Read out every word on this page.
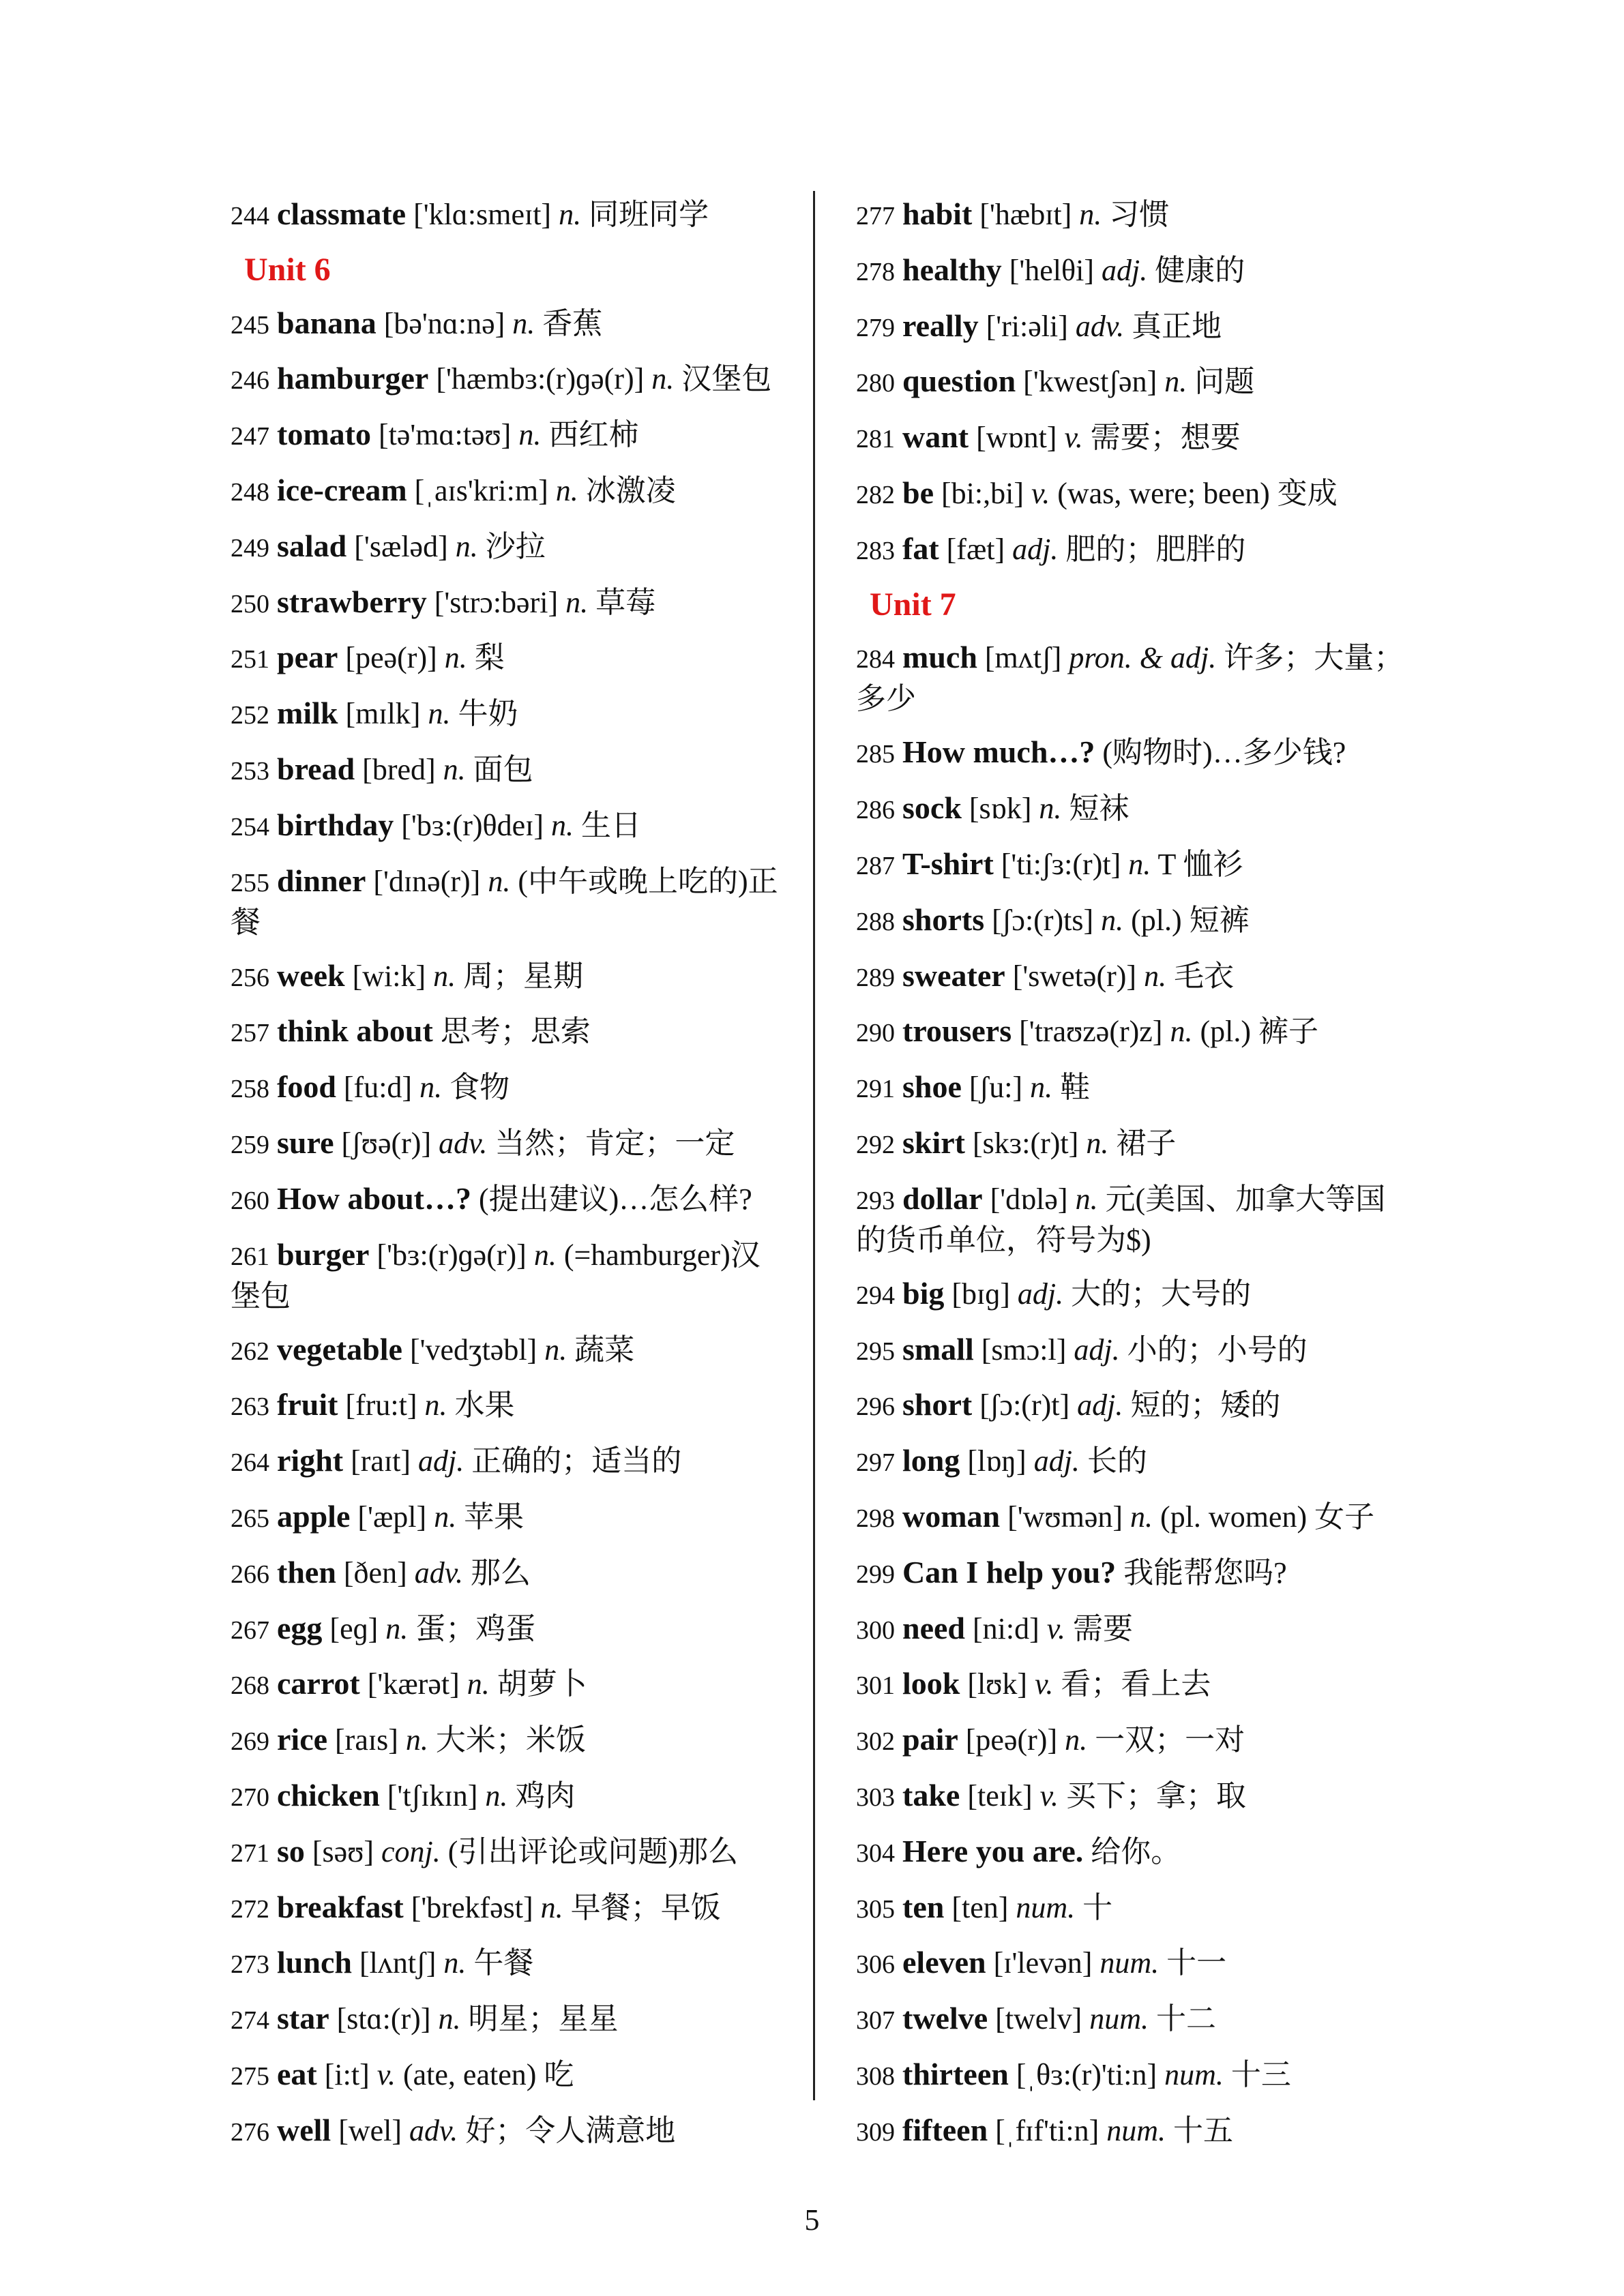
244 classmate ['klɑ:smeɪt] n. 同班同学
Unit 6
245 banana [bə'nɑ:nə] n. 香蕉
246 hamburger ['hæmbɜ:(r)ɡə(r)] n. 汉堡包
247 tomato [tə'mɑ:təʊ] n. 西红柿
248 ice-cream [ˌaɪs'kri:m] n. 冰激凌
249 salad ['sæləd] n. 沙拉
250 strawberry ['strɔ:bəri] n. 草莓
251 pear [peə(r)] n. 梨
252 milk [mɪlk] n. 牛奶
253 bread [bred] n. 面包
254 birthday ['bɜ:(r)θdeɪ] n. 生日
255 dinner ['dɪnə(r)] n. (中午或晚上吃的)正餐
256 week [wi:k] n. 周；星期
257 think about 思考；思索
258 food [fu:d] n. 食物
259 sure [ʃʊə(r)] adv. 当然；肯定；一定
260 How about…? (提出建议)…怎么样?
261 burger ['bɜ:(r)ɡə(r)] n. (=hamburger)汉堡包
262 vegetable ['vedʒtəbl] n. 蔬菜
263 fruit [fru:t] n. 水果
264 right [raɪt] adj. 正确的；适当的
265 apple ['æpl] n. 苹果
266 then [ðen] adv. 那么
267 egg [eɡ] n. 蛋；鸡蛋
268 carrot ['kærət] n. 胡萝卜
269 rice [raɪs] n. 大米；米饭
270 chicken ['tʃɪkɪn] n. 鸡肉
271 so [səʊ] conj. (引出评论或问题)那么
272 breakfast ['brekfəst] n. 早餐；早饭
273 lunch [lʌntʃ] n. 午餐
274 star [stɑ:(r)] n. 明星；星星
275 eat [i:t] v. (ate, eaten) 吃
276 well [wel] adv. 好；令人满意地
277 habit ['hæbɪt] n. 习惯
278 healthy ['helθi] adj. 健康的
279 really ['ri:əli] adv. 真正地
280 question ['kwestʃən] n. 问题
281 want [wɒnt] v. 需要；想要
282 be [bi:,bi] v. (was, were; been) 变成
283 fat [fæt] adj. 肥的；肥胖的
Unit 7
284 much [mʌtʃ] pron. & adj. 许多；大量；多少
285 How much…? (购物时)…多少钱?
286 sock [sɒk] n. 短袜
287 T-shirt ['ti:ʃɜ:(r)t] n. T 恤衫
288 shorts [ʃɔ:(r)ts] n. (pl.) 短裤
289 sweater ['swetə(r)] n. 毛衣
290 trousers ['traʊzə(r)z] n. (pl.) 裤子
291 shoe [ʃu:] n. 鞋
292 skirt [skɜ:(r)t] n. 裙子
293 dollar ['dɒlə] n. 元(美国、加拿大等国的货币单位，符号为$)
294 big [bɪɡ] adj. 大的；大号的
295 small [smɔ:l] adj. 小的；小号的
296 short [ʃɔ:(r)t] adj. 短的；矮的
297 long [lɒŋ] adj. 长的
298 woman ['wʊmən] n. (pl. women) 女子
299 Can I help you? 我能帮您吗?
300 need [ni:d] v. 需要
301 look [lʊk] v. 看；看上去
302 pair [peə(r)] n. 一双；一对
303 take [teɪk] v. 买下；拿；取
304 Here you are. 给你。
305 ten [ten] num. 十
306 eleven [ɪ'levən] num. 十一
307 twelve [twelv] num. 十二
308 thirteen [ˌθɜ:(r)'ti:n] num. 十三
309 fifteen [ˌfɪf'ti:n] num. 十五
5
